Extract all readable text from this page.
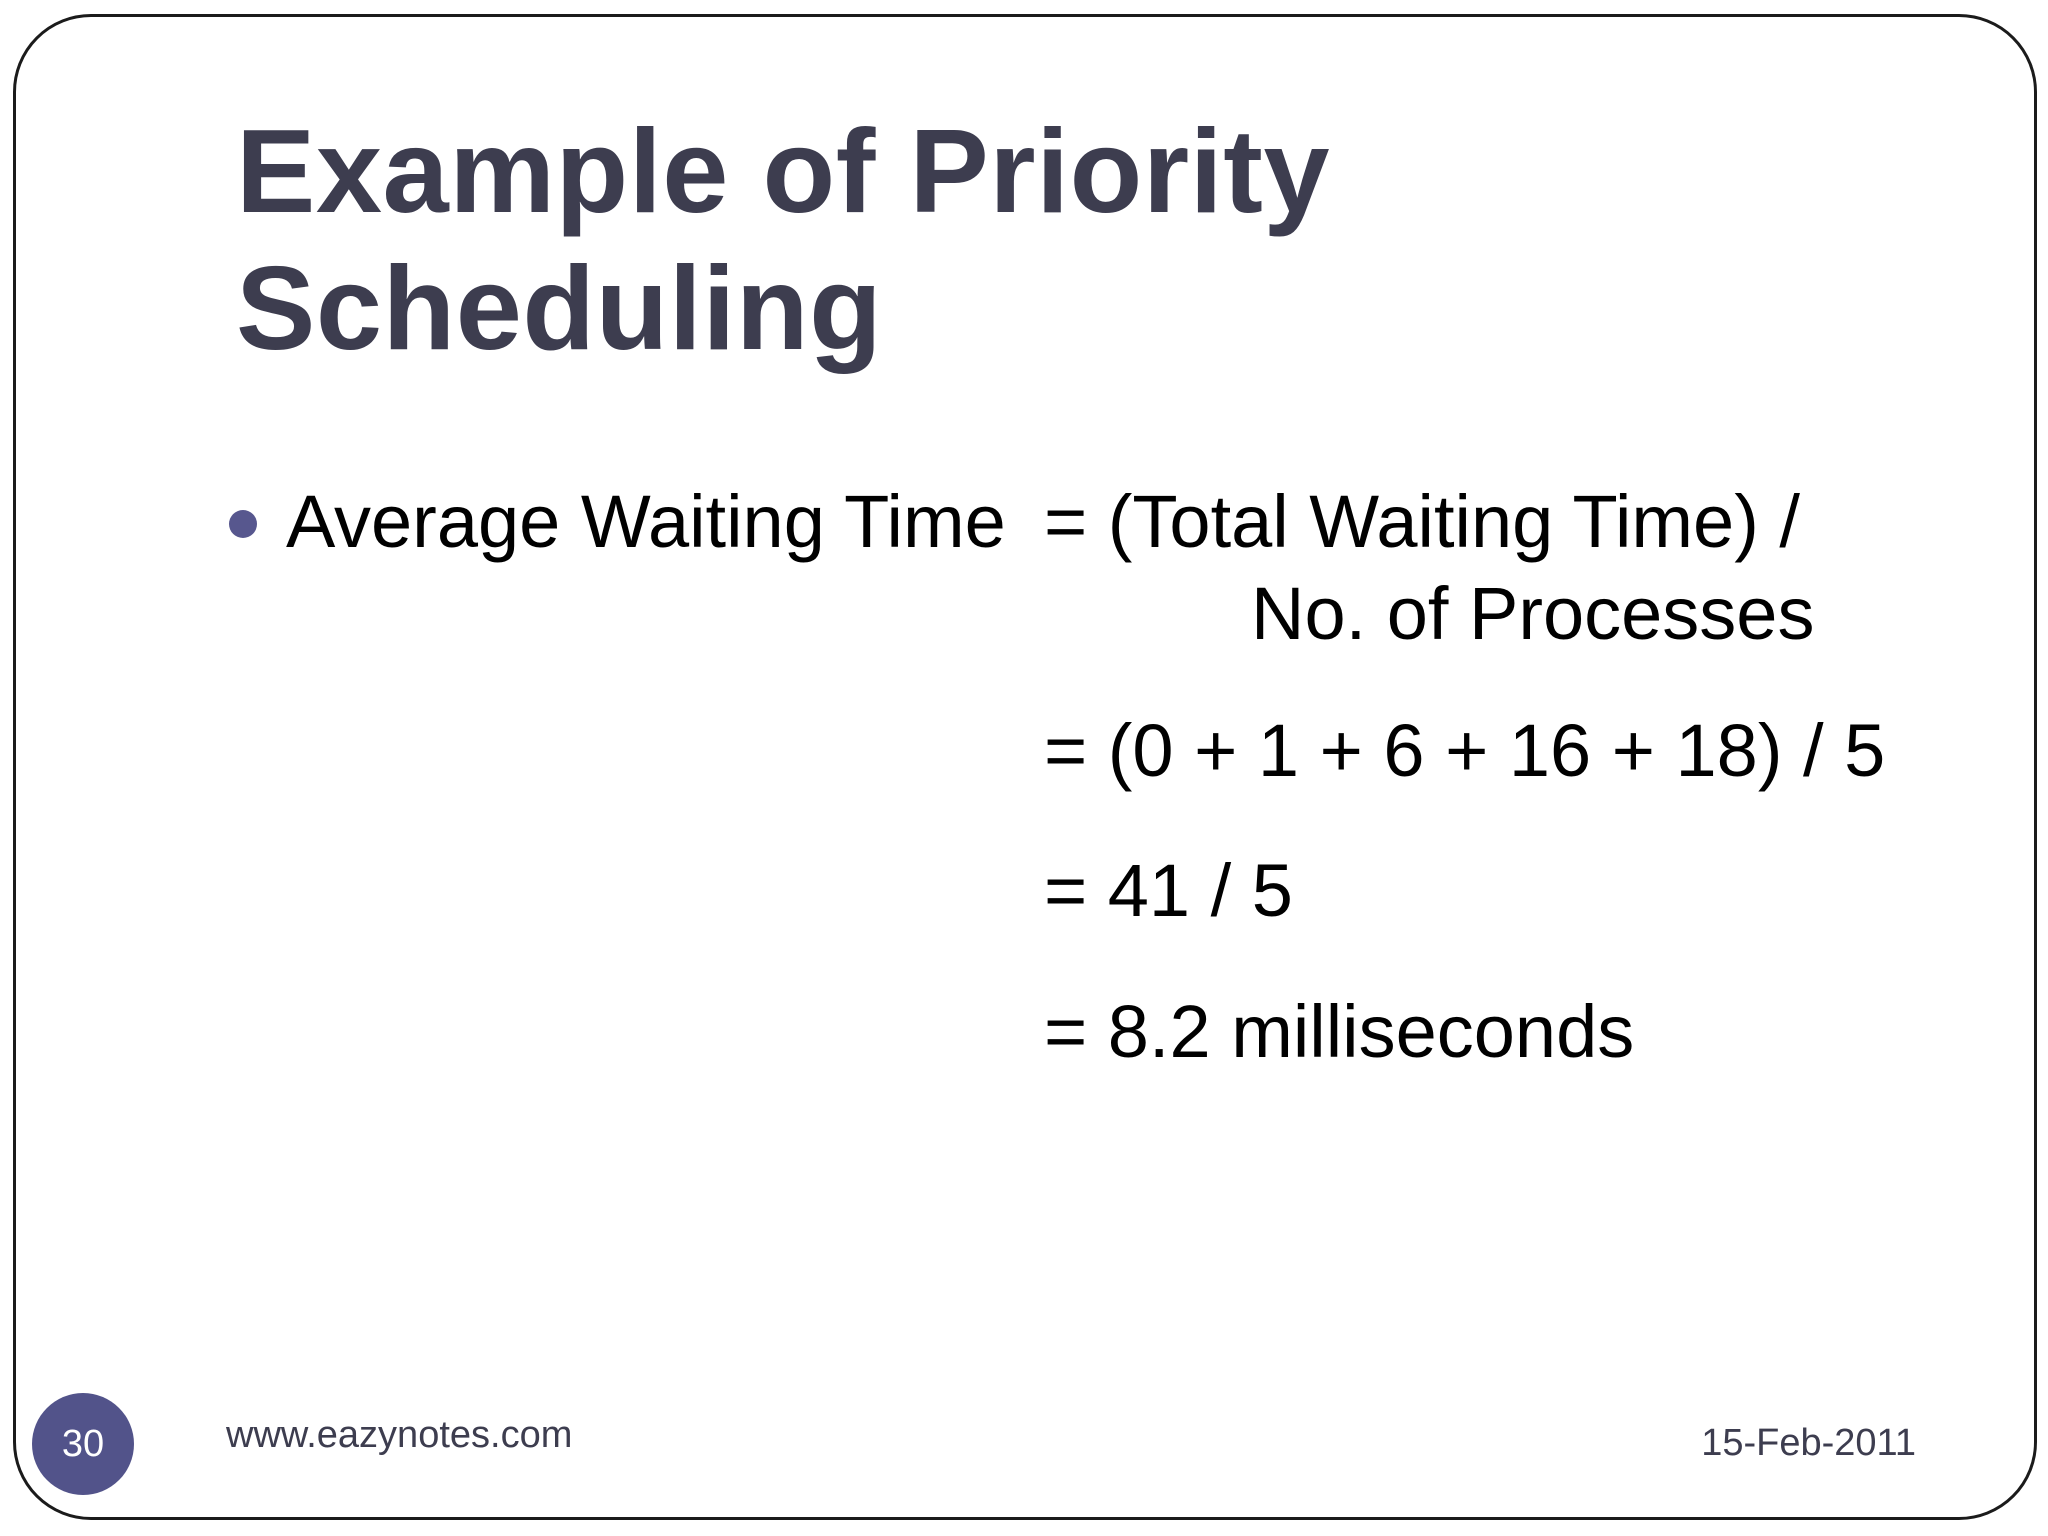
Example of Priority Scheduling

Average Waiting Time = (Total Waiting Time) /

No. of Processes

= (0 + 1 + 6 + 16 + 18) / 5

= 41 / 5

= 8.2 milliseconds

30	www.eazynotes.com	15-Feb-2011
